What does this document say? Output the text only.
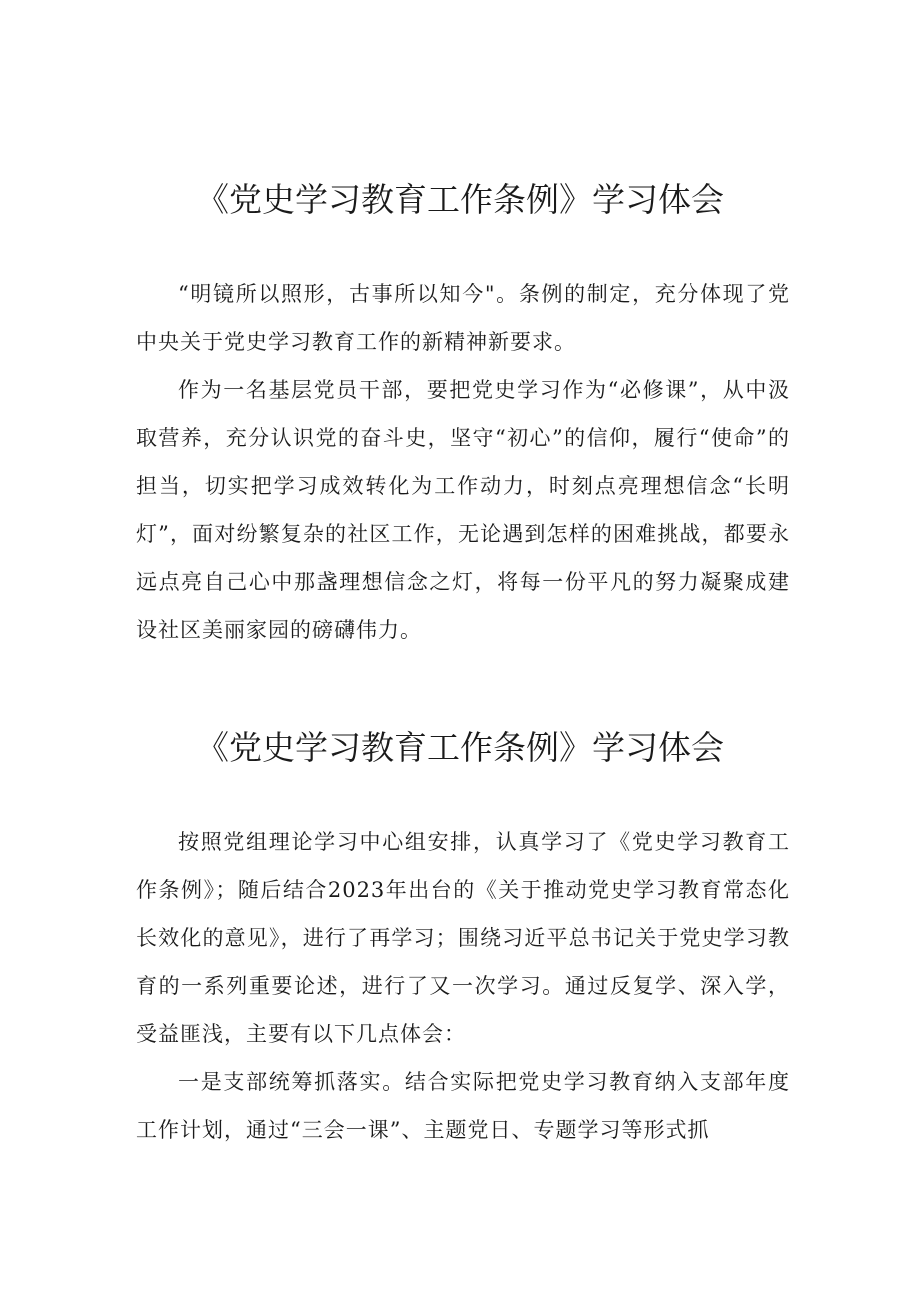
《党史学习教育工作条例》学习体会

“明镜所以照形，古事所以知今"。条例的制定，充分体现了党中央关于党史学习教育工作的新精神新要求。

作为一名基层党员干部，要把党史学习作为“必修课”，从中汲取营养，充分认识党的奋斗史，坚守“初心”的信仰，履行“使命”的担当，切实把学习成效转化为工作动力，时刻点亮理想信念“长明灯”，面对纷繁复杂的社区工作，无论遇到怎样的困难挑战，都要永远点亮自己心中那盏理想信念之灯，将每一份平凡的努力凝聚成建设社区美丽家园的磅礴伟力。

《党史学习教育工作条例》学习体会

按照党组理论学习中心组安排，认真学习了《党史学习教育工作条例》；随后结合2023年出台的《关于推动党史学习教育常态化长效化的意见》，进行了再学习；围绕习近平总书记关于党史学习教育的一系列重要论述，进行了又一次学习。通过反复学、深入学，受益匪浅，主要有以下几点体会：

一是支部统筹抓落实。结合实际把党史学习教育纳入支部年度工作计划，通过“三会一课”、主题党日、专题学习等形式抓
